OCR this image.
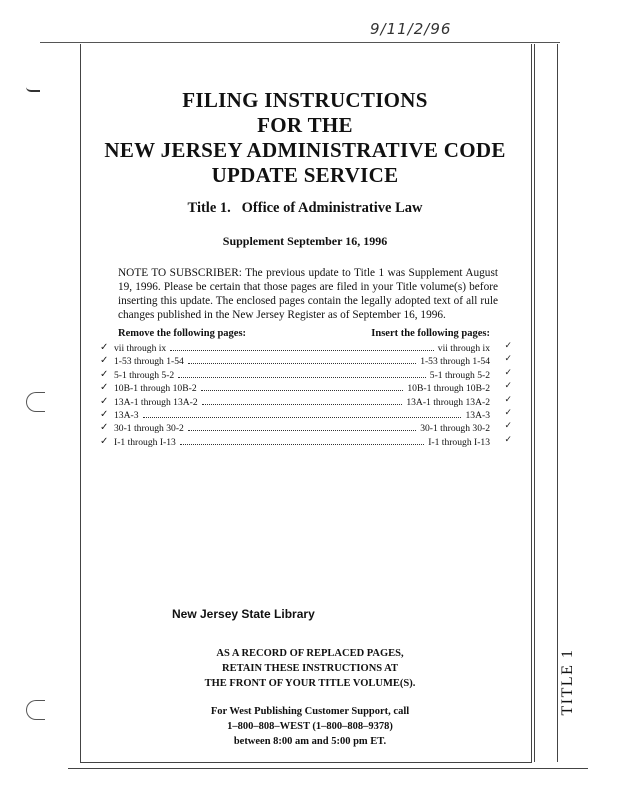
9/11/2/96
FILING INSTRUCTIONS
FOR THE
NEW JERSEY ADMINISTRATIVE CODE
UPDATE SERVICE
Title 1.   Office of Administrative Law
Supplement September 16, 1996
NOTE TO SUBSCRIBER: The previous update to Title 1 was Supplement August 19, 1996. Please be certain that those pages are filed in your Title volume(s) before inserting this update. The enclosed pages contain the legally adopted text of all rule changes published in the New Jersey Register as of September 16, 1996.
Remove the following pages:	Insert the following pages:
✓ vii through ix	vii through ix ✓
✓ 1-53 through 1-54	1-53 through 1-54 ✓
✓ 5-1 through 5-2	5-1 through 5-2 ✓
✓ 10B-1 through 10B-2	10B-1 through 10B-2 ✓
✓ 13A-1 through 13A-2	13A-1 through 13A-2 ✓
✓ 13A-3	13A-3 ✓
✓ 30-1 through 30-2	30-1 through 30-2 ✓
✓ I-1 through I-13	I-1 through I-13 ✓
New Jersey State Library
AS A RECORD OF REPLACED PAGES,
RETAIN THESE INSTRUCTIONS AT
THE FRONT OF YOUR TITLE VOLUME(S).
For West Publishing Customer Support, call
1–800–808–WEST (1–800–808–9378)
between 8:00 am and 5:00 pm ET.
TITLE 1
